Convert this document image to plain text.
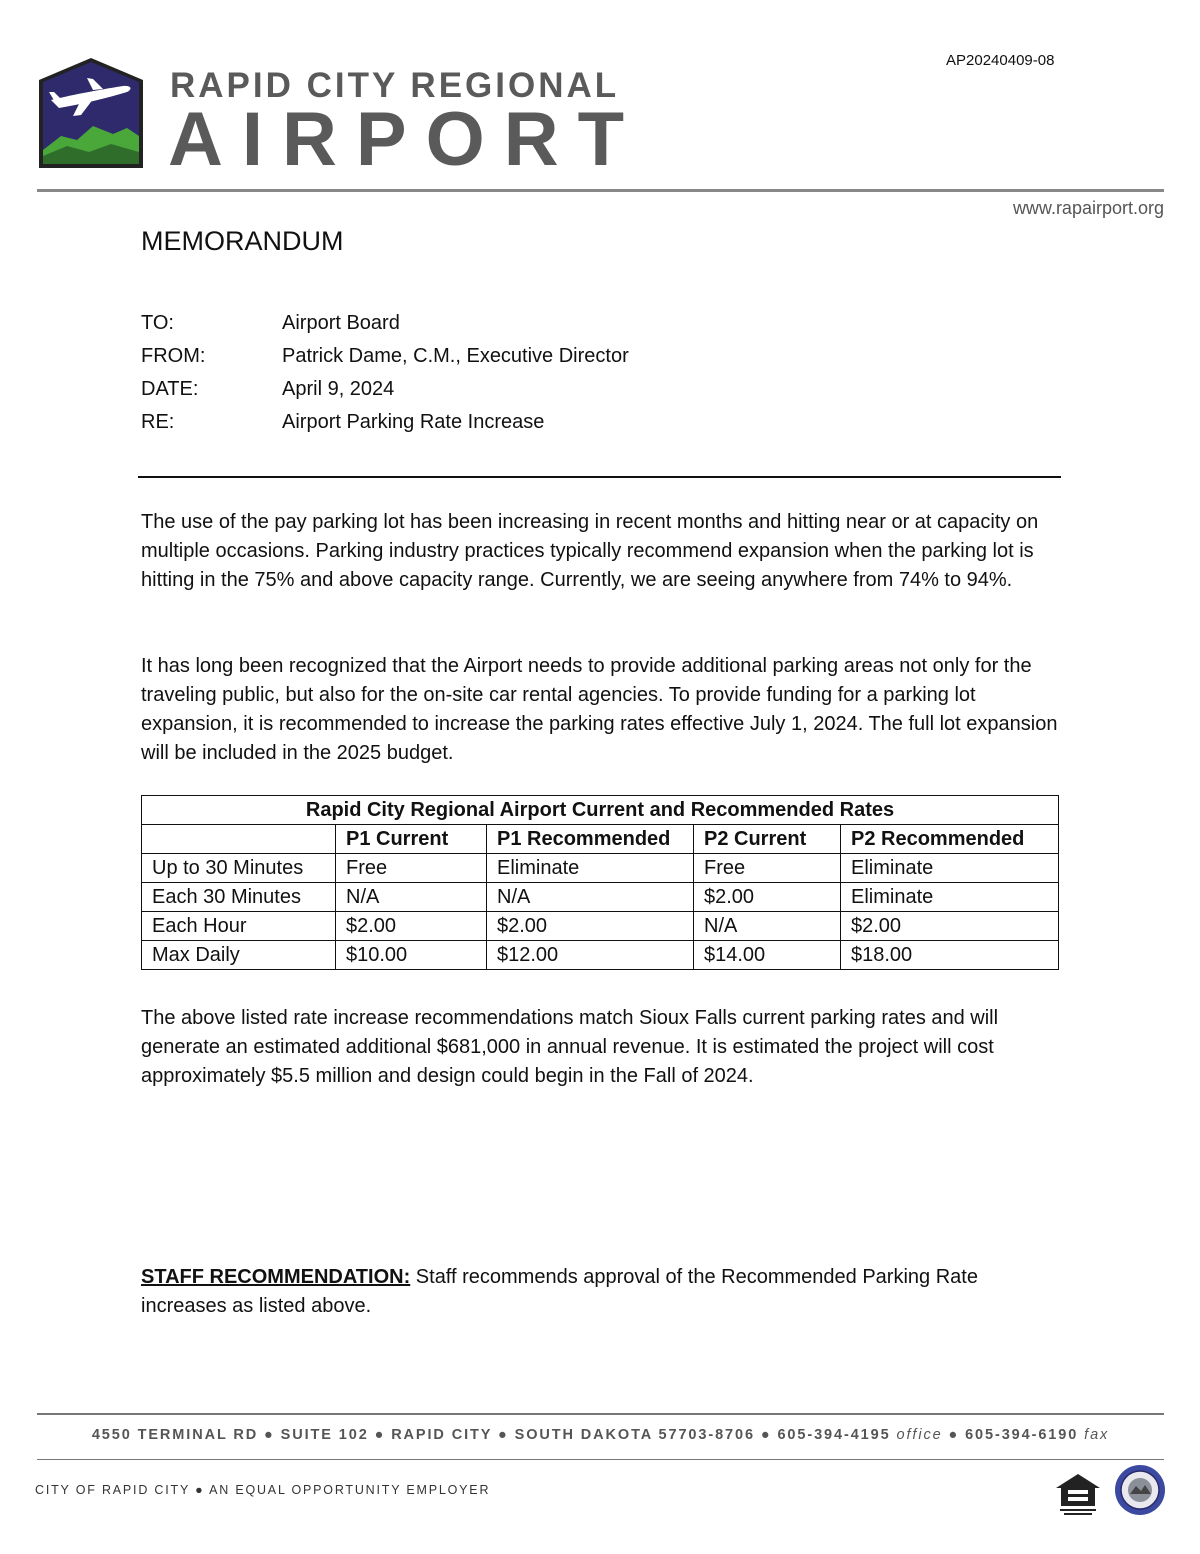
AP20240409-08
RAPID CITY REGIONAL
AIRPORT
www.rapairport.org
MEMORANDUM
TO:	Airport Board
FROM:	Patrick Dame, C.M., Executive Director
DATE:	April 9, 2024
RE:	Airport Parking Rate Increase

The use of the pay parking lot has been increasing in recent months and hitting near or at capacity on multiple occasions. Parking industry practices typically recommend expansion when the parking lot is hitting in the 75% and above capacity range. Currently, we are seeing anywhere from 74% to 94%.

It has long been recognized that the Airport needs to provide additional parking areas not only for the traveling public, but also for the on-site car rental agencies. To provide funding for a parking lot expansion, it is recommended to increase the parking rates effective July 1, 2024. The full lot expansion will be included in the 2025 budget.

Rapid City Regional Airport Current and Recommended Rates				
	P1 Current	P1 Recommended	P2 Current	P2 Recommended
Up to 30 Minutes	Free	Eliminate	Free	Eliminate
Each 30 Minutes	N/A	N/A	$2.00	Eliminate
Each Hour	$2.00	$2.00	N/A	$2.00
Max Daily	$10.00	$12.00	$14.00	$18.00

The above listed rate increase recommendations match Sioux Falls current parking rates and will generate an estimated additional $681,000 in annual revenue. It is estimated the project will cost approximately $5.5 million and design could begin in the Fall of 2024.

STAFF RECOMMENDATION: Staff recommends approval of the Recommended Parking Rate increases as listed above.

4550 TERMINAL RD ● SUITE 102 ● RAPID CITY ● SOUTH DAKOTA 57703-8706 ● 605-394-4195 office ● 605-394-6190 fax
CITY OF RAPID CITY ● AN EQUAL OPPORTUNITY EMPLOYER
